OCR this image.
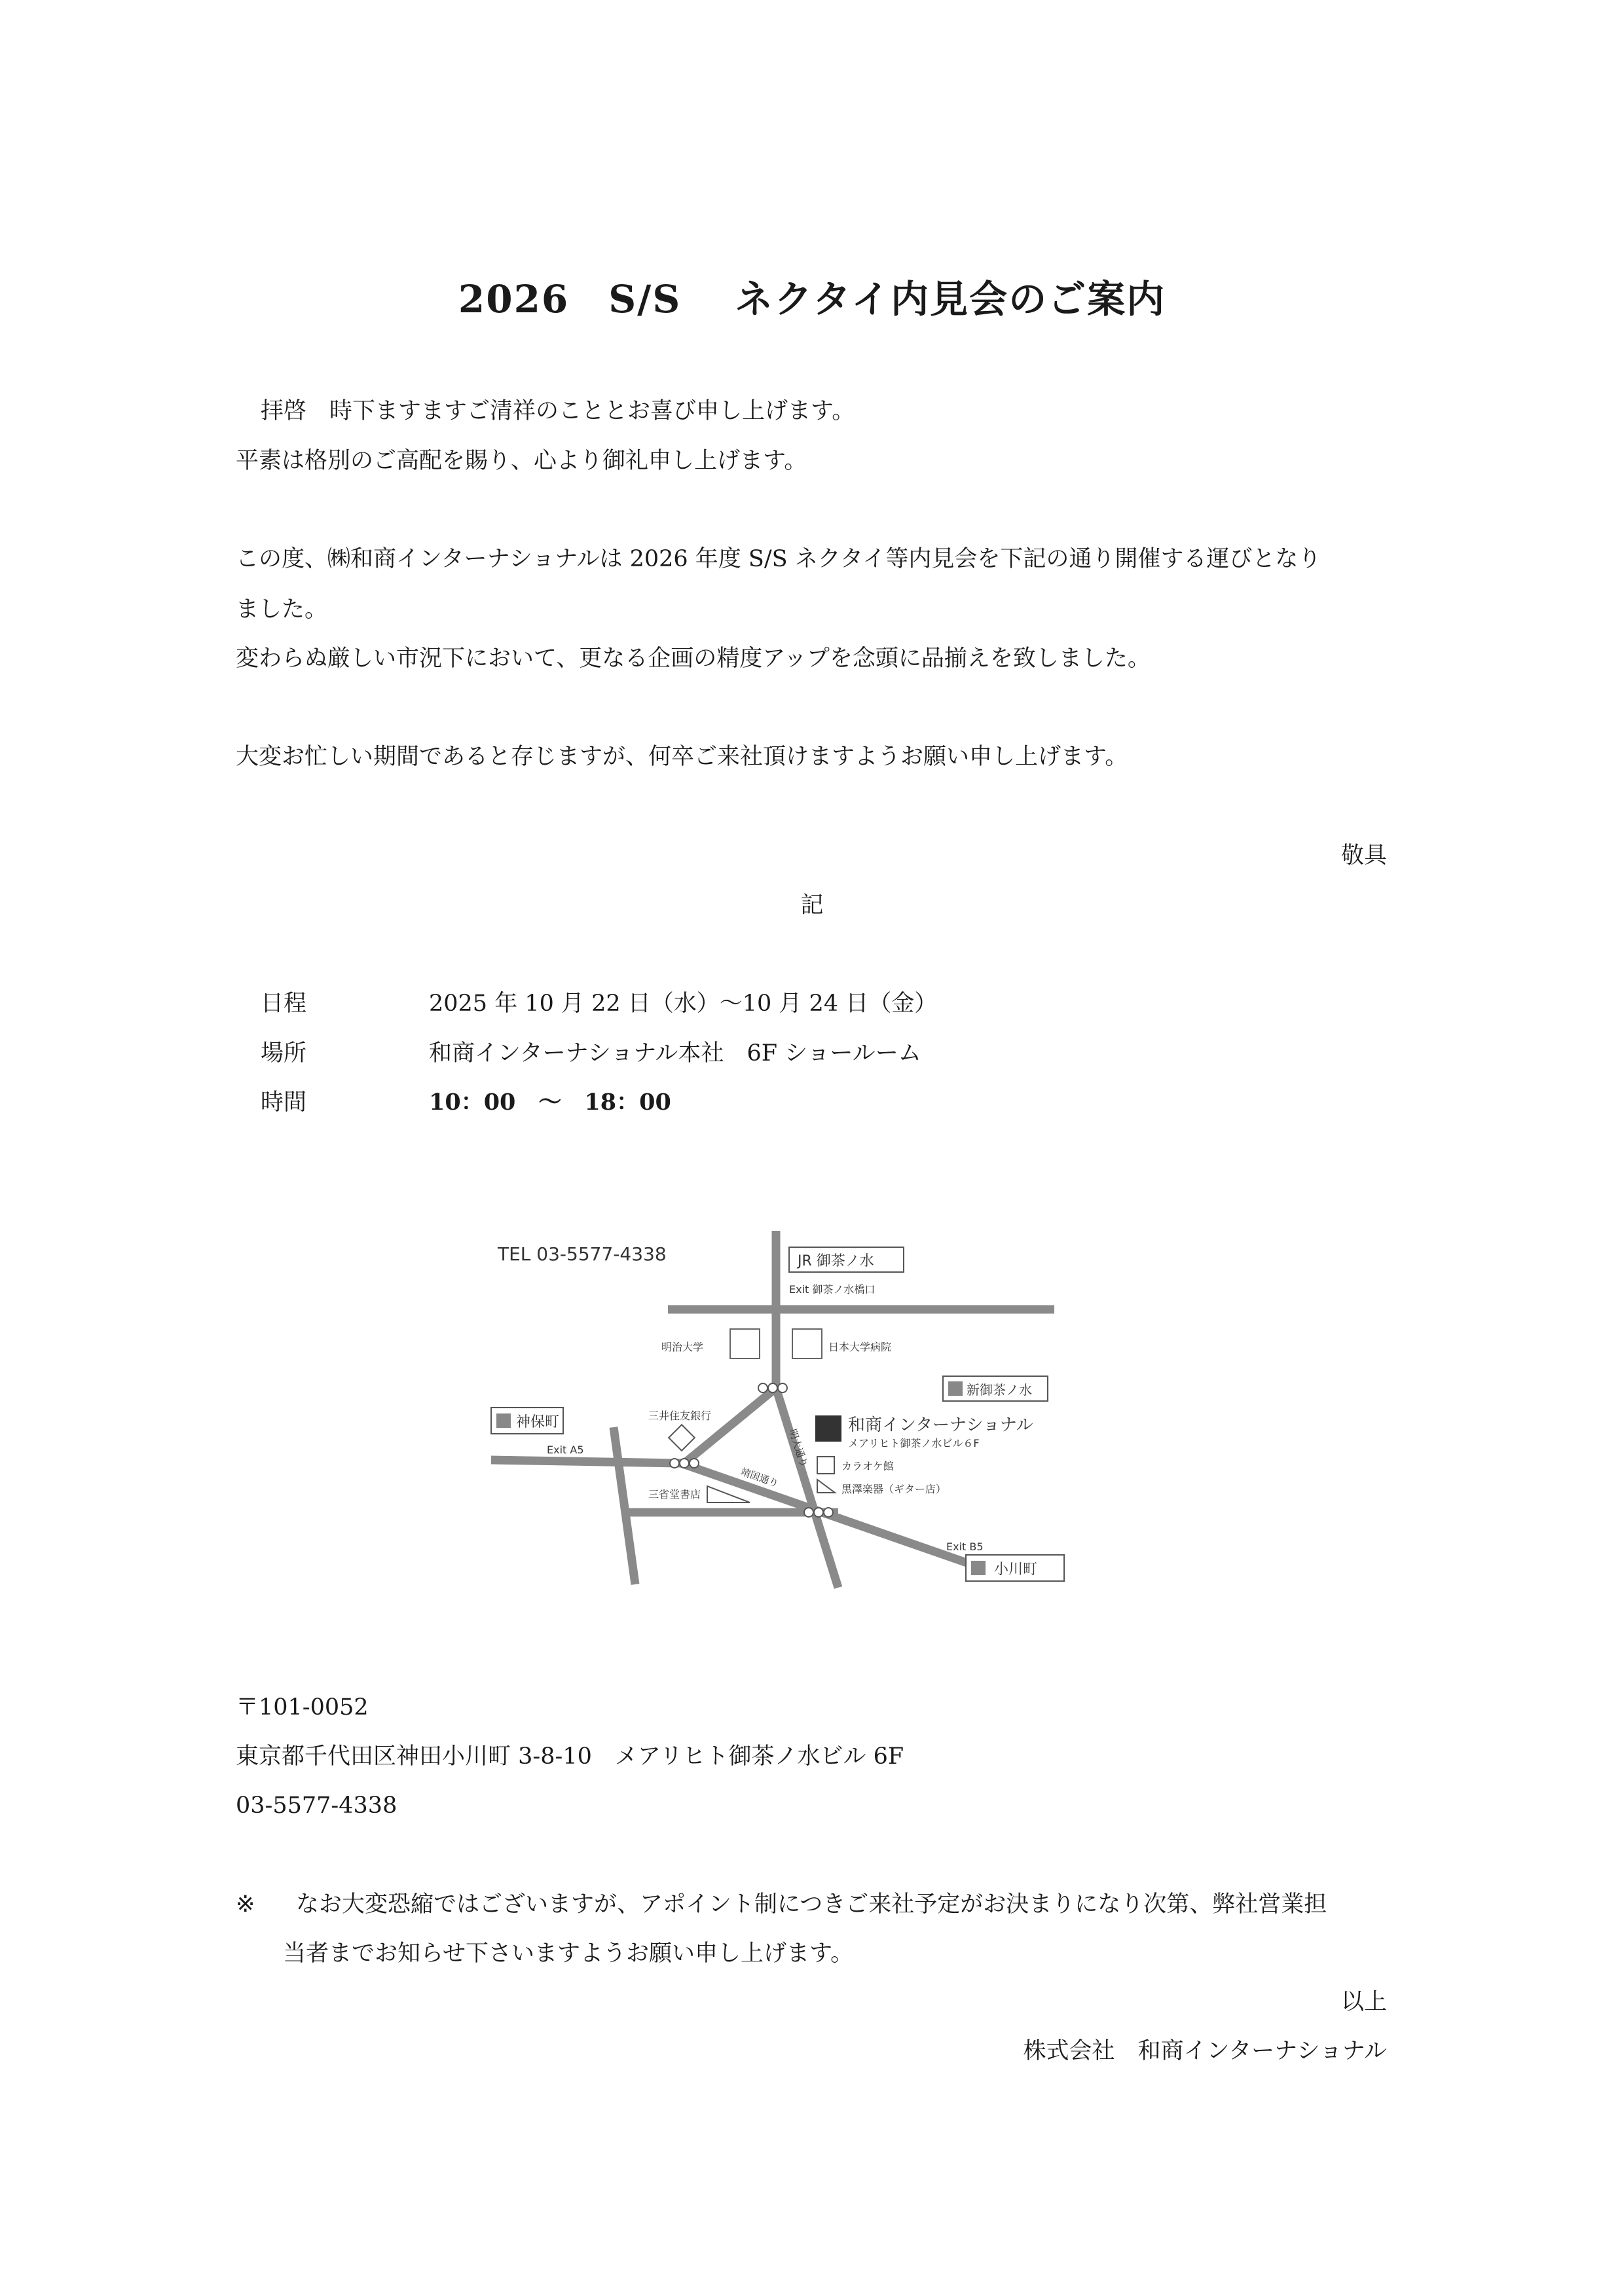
2026　S/S　 ネクタイ内見会のご案内
拝啓　時下ますますご清祥のこととお喜び申し上げます。
平素は格別のご高配を賜り、心より御礼申し上げます。
この度、㈱和商インターナショナルは 2026 年度 S/S ネクタイ等内見会を下記の通り開催する運びとなり
ました。
変わらぬ厳しい市況下において、更なる企画の精度アップを念頭に品揃えを致しました。
大変お忙しい期間であると存じますが、何卒ご来社頂けますようお願い申し上げます。
敬具
記
日程	2025 年 10 月 22 日（水）～10 月 24 日（金）
場所	和商インターナショナル本社　6F ショールーム
時間	10：00　～　18：00
TEL 03-5577-4338	JR 御茶ノ水
Exit 御茶ノ水橋口
明治大学	日本大学病院
新御茶ノ水
神保町
Exit A5
三井住友銀行
明大通り
和商インターナショナル
メアリヒト御茶ノ水ビル６F
カラオケ館
黒澤楽器（ギター店）
靖国通り
三省堂書店
Exit B5
小川町
〒101-0052
東京都千代田区神田小川町 3-8-10　メアリヒト御茶ノ水ビル 6F
03-5577-4338
※ なお大変恐縮ではございますが、アポイント制につきご来社予定がお決まりになり次第、弊社営業担
当者までお知らせ下さいますようお願い申し上げます。
以上
株式会社　和商インターナショナル
